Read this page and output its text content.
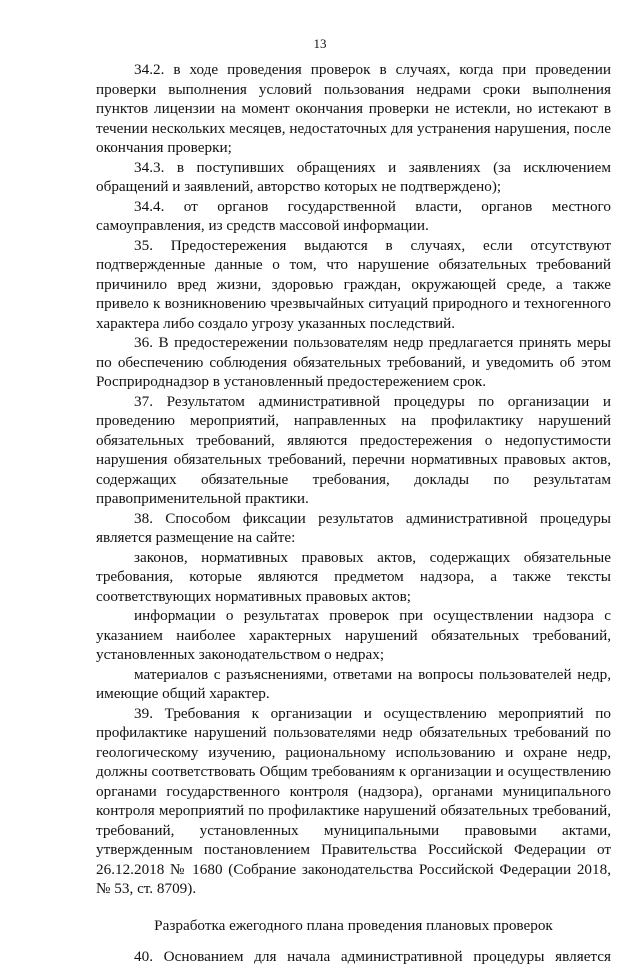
13

34.2. в ходе проведения проверок в случаях, когда при проведении проверки выполнения условий пользования недрами сроки выполнения пунктов лицензии на момент окончания проверки не истекли, но истекают в течении нескольких месяцев, недостаточных для устранения нарушения, после окончания проверки;

34.3. в поступивших обращениях и заявлениях (за исключением обращений и заявлений, авторство которых не подтверждено);

34.4. от органов государственной власти, органов местного самоуправления, из средств массовой информации.

35. Предостережения выдаются в случаях, если отсутствуют подтвержденные данные о том, что нарушение обязательных требований причинило вред жизни, здоровью граждан, окружающей среде, а также привело к возникновению чрезвычайных ситуаций природного и техногенного характера либо создало угрозу указанных последствий.

36. В предостережении пользователям недр предлагается принять меры по обеспечению соблюдения обязательных требований, и уведомить об этом Росприроднадзор в установленный предостережением срок.

37. Результатом административной процедуры по организации и проведению мероприятий, направленных на профилактику нарушений обязательных требований, являются предостережения о недопустимости нарушения обязательных требований, перечни нормативных правовых актов, содержащих обязательные требования, доклады по результатам правоприменительной практики.

38. Способом фиксации результатов административной процедуры является размещение на сайте:

законов, нормативных правовых актов, содержащих обязательные требования, которые являются предметом надзора, а также тексты соответствующих нормативных правовых актов;

информации о результатах проверок при осуществлении надзора с указанием наиболее характерных нарушений обязательных требований, установленных законодательством о недрах;

материалов с разъяснениями, ответами на вопросы пользователей недр, имеющие общий характер.

39. Требования к организации и осуществлению мероприятий по профилактике нарушений пользователями недр обязательных требований по геологическому изучению, рациональному использованию и охране недр, должны соответствовать Общим требованиям к организации и осуществлению органами государственного контроля (надзора), органами муниципального контроля мероприятий по профилактике нарушений обязательных требований, требований, установленных муниципальными правовыми актами, утвержденным постановлением Правительства Российской Федерации от 26.12.2018 № 1680 (Собрание законодательства Российской Федерации 2018, № 53, ст. 8709).

Разработка ежегодного плана проведения плановых проверок

40. Основанием для начала административной процедуры является
